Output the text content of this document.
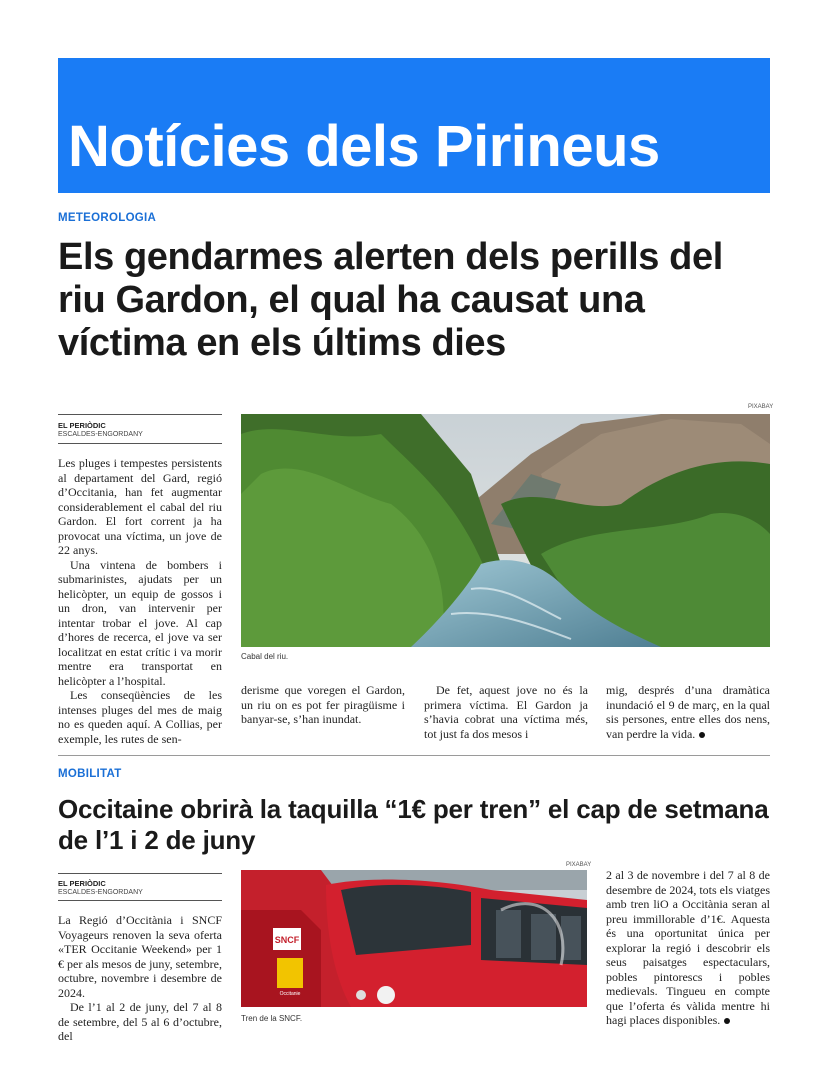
Notícies dels Pirineus
METEOROLOGIA
Els gendarmes alerten dels perills del riu Gardon, el qual ha causat una víctima en els últims dies
EL PERIÒDIC
ESCALDES-ENGORDANY

Les pluges i tempestes persistents al departament del Gard, regió d’Occitania, han fet augmentar considerablement el cabal del riu Gardon. El fort corrent ja ha provocat una víctima, un jove de 22 anys.

Una vintena de bombers i submarinistes, ajudats per un helicòpter, un equip de gossos i un dron, van intervenir per intentar trobar el jove. Al cap d’hores de recerca, el jove va ser localitzat en estat crític i va morir mentre era transportat en helicòpter a l’hospital.

Les conseqüències de les intenses pluges del mes de maig no es queden aquí. A Collias, per exemple, les rutes de sen-

PIXABAY
Cabal del riu.

derisme que voregen el Gardon, un riu on es pot fer piragüisme i banyar-se, s’han inundat.

De fet, aquest jove no és la primera víctima. El Gardon ja s’havia cobrat una víctima més, tot just fa dos mesos i

mig, després d’una dramàtica inundació el 9 de març, en la qual sis persones, entre elles dos nens, van perdre la vida.

MOBILITAT
Occitaine obrirà la taquilla “1€ per tren” el cap de setmana de l’1 i 2 de juny
EL PERIÒDIC
ESCALDES-ENGORDANY

La Regió d’Occitània i SNCF Voyageurs renoven la seva oferta «TER Occitanie Weekend» per 1 € per als mesos de juny, setembre, octubre, novembre i desembre de 2024.

De l’1 al 2 de juny, del 7 al 8 de setembre, del 5 al 6 d’octubre, del

PIXABAY
SNCF
Occitanie
Tren de la SNCF.

2 al 3 de novembre i del 7 al 8 de desembre de 2024, tots els viatges amb tren liO a Occitània seran al preu immillorable d’1€. Aquesta és una oportunitat única per explorar la regió i descobrir els seus paisatges espectaculars, pobles pintorescs i pobles medievals. Tingueu en compte que l’oferta és vàlida mentre hi hagi places disponibles.
